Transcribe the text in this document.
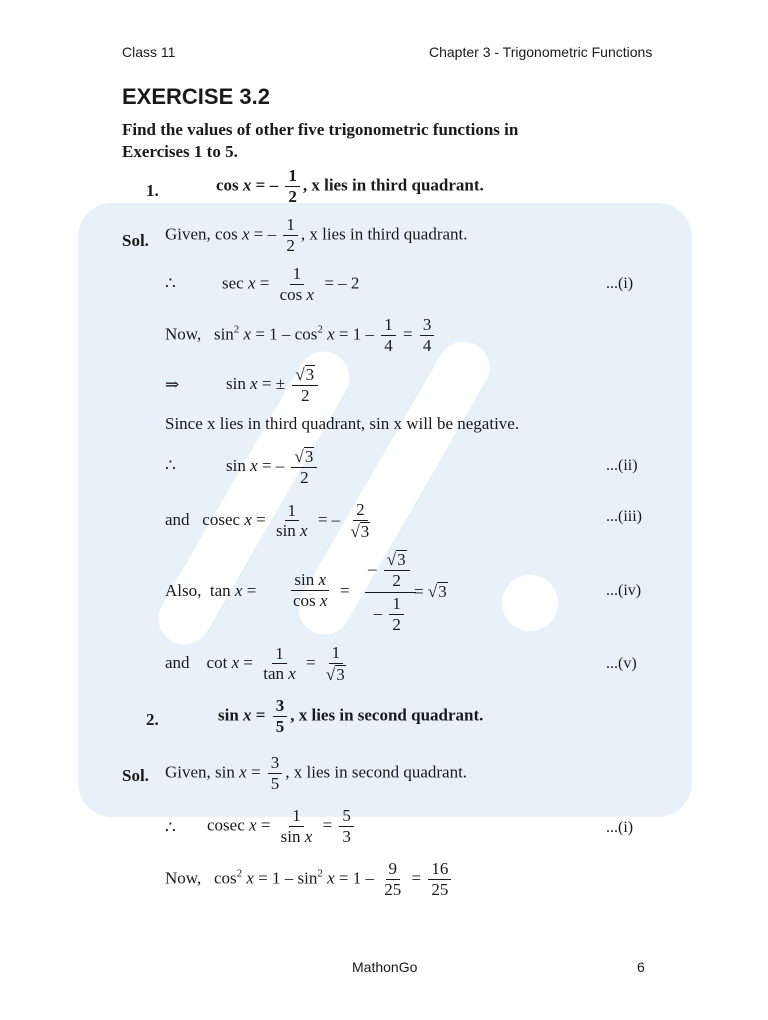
Class 11	Chapter 3 - Trigonometric Functions
EXERCISE 3.2
Find the values of other five trigonometric functions in
Exercises 1 to 5.
1.	cos x = – $\frac{1}{2}$ , x lies in third quadrant.
Sol. Given, cos x = – $\frac{1}{2}$ , x lies in third quadrant.
∴	$\sec x = \frac{1}{\text{cos x}}$ = – 2	...(i)
Now,   $\sin^2 x = 1 - \cos^2 x = 1 - \frac{1}{4} = \frac{3}{4}$
⇒	sin x = ± $\frac{√3}{2}$
Since x lies in third quadrant, sin x will be negative.
∴	sin x = – $\frac{√3}{2}$	...(ii)
and   cosec $x = \frac{1}{\text{sin x}}$ = – $\frac{2}{√3}$	...(iii)
Also,  $\tan x = \frac{\text{sin x}}{\text{cos x}} = \frac{- \frac{√3}{2}}{- \frac{1}{2}}$
= √3	...(iv)
and    $\cot x = \frac{1}{\text{tan x}} = \frac{1}{√3}$	...(v)
2.	$\sin x = \frac{3}{5}$ , x lies in second quadrant.
Sol. Given, $\sin x = \frac{3}{5}$ , x lies in second quadrant.
∴ cosec $x = \frac{1}{\text{sin x}} = \frac{5}{3}$	...(i)
Now,   $\cos^2 x = 1 - \sin^2 x = 1 - \frac{9}{25} = \frac{16}{25}$
MathonGo	6
